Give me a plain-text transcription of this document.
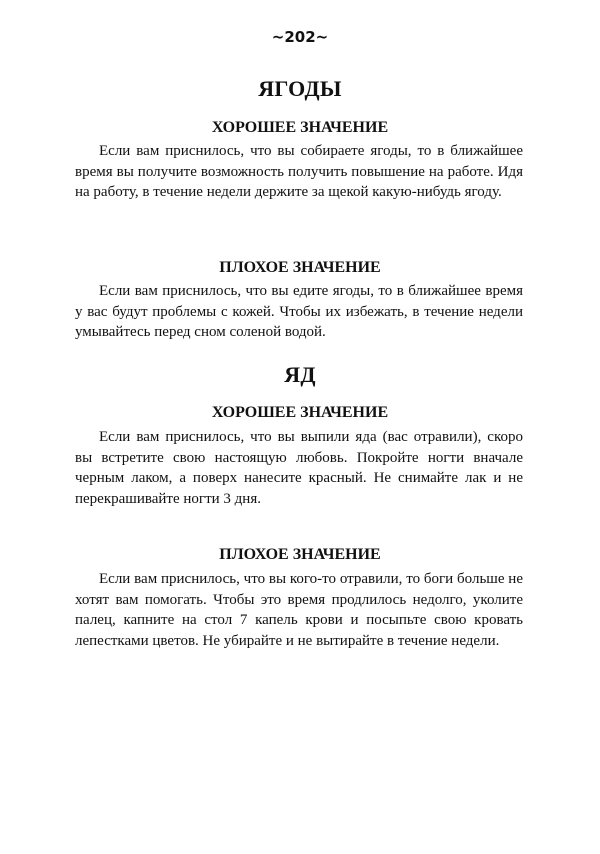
~202~
ЯГОДЫ
ХОРОШЕЕ ЗНАЧЕНИЕ

Если вам приснилось, что вы собираете ягоды, то в ближайшее время вы получите возможность получить повышение на работе. Идя на работу, в течение недели держите за щекой какую-нибудь ягоду.

ПЛОХОЕ ЗНАЧЕНИЕ

Если вам приснилось, что вы едите ягоды, то в ближайшее время у вас будут проблемы с кожей. Чтобы их избежать, в течение недели умывайтесь перед сном соленой водой.

ЯД
ХОРОШЕЕ ЗНАЧЕНИЕ

Если вам приснилось, что вы выпили яда (вас отравили), скоро вы встретите свою настоящую любовь. Покройте ногти вначале черным лаком, а поверх нанесите красный. Не снимайте лак и не перекрашивайте ногти 3 дня.

ПЛОХОЕ ЗНАЧЕНИЕ

Если вам приснилось, что вы кого-то отравили, то боги больше не хотят вам помогать. Чтобы это время продлилось недолго, уколите палец, капните на стол 7 капель крови и посыпьте свою кровать лепестками цветов. Не убирайте и не вытирайте в течение недели.
